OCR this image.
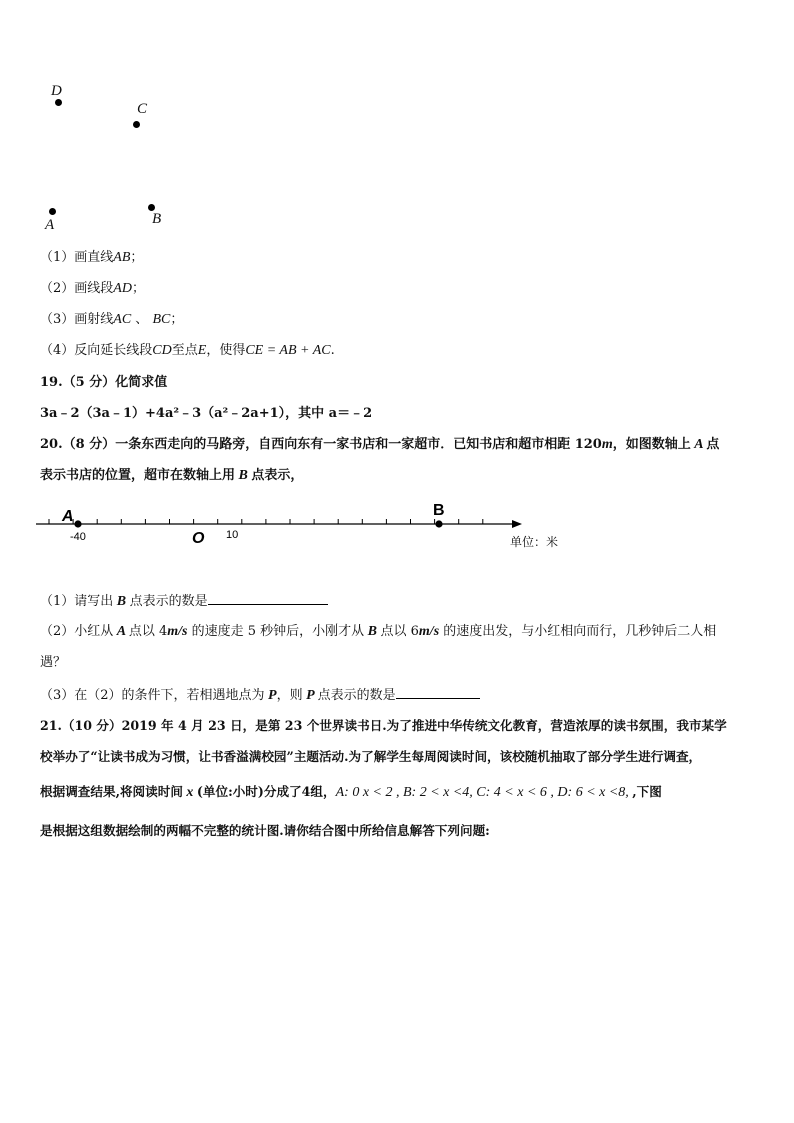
D
C
A	B
（1）画直线AB；
（2）画线段AD；
（3）画射线AC 、 BC；
（4）反向延长线段CD至点E，使得CE = AB + AC.
19.（5 分）化简求值
3a﹣2（3a﹣1）+4a²﹣3（a²﹣2a+1），其中 a＝﹣2
20.（8 分）一条东西走向的马路旁，自西向东有一家书店和一家超市．已知书店和超市相距 120m，如图数轴上 A 点
表示书店的位置，超市在数轴上用 B 点表示，
A	B
O
-40	10	单位：米
（1）请写出 B 点表示的数是
（2）小红从 A 点以 4m/s 的速度走 5 秒钟后，小刚才从 B 点以 6m/s 的速度出发，与小红相向而行，几秒钟后二人相
遇？
（3）在（2）的条件下，若相遇地点为 P，则 P 点表示的数是
21.（10 分）2019 年 4 月 23 日，是第 23 个世界读书日.为了推进中华传统文化教育，营造浓厚的读书氛围，我市某学
校举办了“让读书成为习惯，让书香溢满校园”主题活动.为了解学生每周阅读时间，该校随机抽取了部分学生进行调查，
根据调查结果,将阅读时间 x (单位:小时)分成了4组，A: 0 x < 2 , B: 2 < x <4, C: 4 < x < 6 , D: 6 < x <8, ,下图
是根据这组数据绘制的两幅不完整的统计图.请你结合图中所给信息解答下列问题:
